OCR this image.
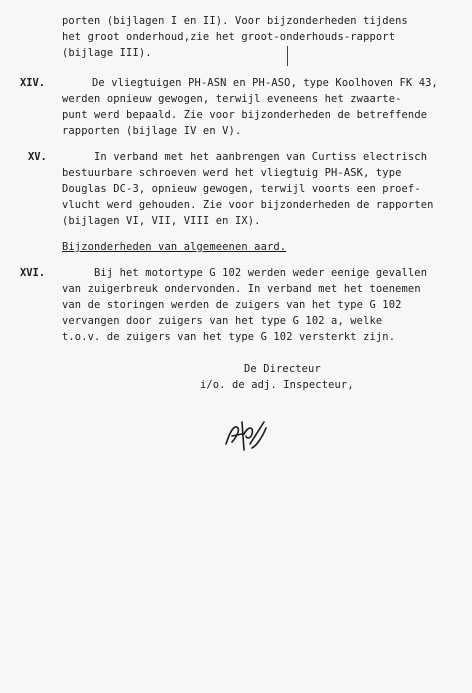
porten (bijlagen I en II). Voor bijzonderheden tijdens
het groot onderhoud,zie het groot-onderhouds-rapport
(bijlage III).
XIV.	De vliegtuigen PH-ASN en PH-ASO, type Koolhoven FK 43,
werden opnieuw gewogen, terwijl eveneens het zwaarte-
punt werd bepaald. Zie voor bijzonderheden de betreffende
rapporten (bijlage IV en V).
XV.	In verband met het aanbrengen van Curtiss electrisch
bestuurbare schroeven werd het vliegtuig PH-ASK, type
Douglas DC-3, opnieuw gewogen, terwijl voorts een proef-
vlucht werd gehouden. Zie voor bijzonderheden de rapporten
(bijlagen VI, VII, VIII en IX).
Bijzonderheden van algemeenen aard.
XVI.	Bij het motortype G 102 werden weder eenige gevallen
van zuigerbreuk ondervonden. In verband met het toenemen
van de storingen werden de zuigers van het type G 102
vervangen door zuigers van het type G 102 a, welke
t.o.v. de zuigers van het type G 102 versterkt zijn.
De Directeur
i/o. de adj. Inspecteur,
